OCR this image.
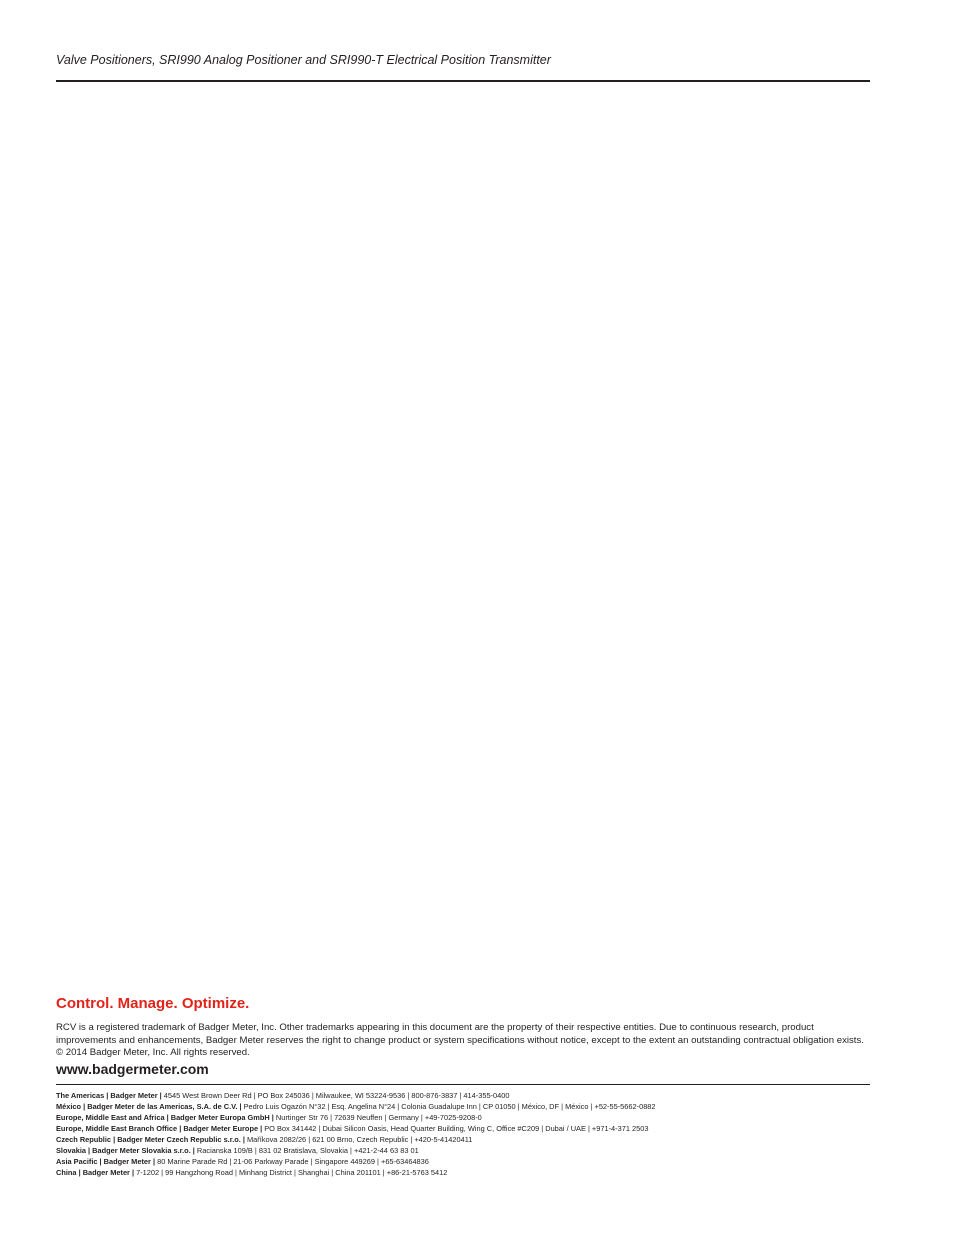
Valve Positioners, SRI990 Analog Positioner and SRI990-T Electrical Position Transmitter
Control. Manage. Optimize.
RCV is a registered trademark of Badger Meter, Inc. Other trademarks appearing in this document are the property of their respective entities. Due to continuous research, product improvements and enhancements, Badger Meter reserves the right to change product or system specifications without notice, except to the extent an outstanding contractual obligation exists. © 2014 Badger Meter, Inc. All rights reserved.
www.badgermeter.com
The Americas | Badger Meter | 4545 West Brown Deer Rd | PO Box 245036 | Milwaukee, WI 53224-9536 | 800-876-3837 | 414-355-0400
México | Badger Meter de las Americas, S.A. de C.V. | Pedro Luis Ogazón N°32 | Esq. Angelina N°24 | Colonia Guadalupe Inn | CP 01050 | México, DF | México | +52-55-5662-0882
Europe, Middle East and Africa | Badger Meter Europa GmbH | Nurtinger Str 76 | 72639 Neuffen | Germany | +49-7025-9208-0
Europe, Middle East Branch Office | Badger Meter Europe | PO Box 341442 | Dubai Silicon Oasis, Head Quarter Building, Wing C, Office #C209 | Dubai / UAE | +971-4-371 2503
Czech Republic | Badger Meter Czech Republic s.r.o. | Maříkova 2082/26 | 621 00 Brno, Czech Republic | +420-5-41420411
Slovakia | Badger Meter Slovakia s.r.o. | Racianska 109/B | 831 02 Bratislava, Slovakia | +421-2-44 63 83 01
Asia Pacific | Badger Meter | 80 Marine Parade Rd | 21-06 Parkway Parade | Singapore 449269 | +65-63464836
China | Badger Meter | 7-1202 | 99 Hangzhong Road | Minhang District | Shanghai | China 201101 | +86-21-5763 5412
